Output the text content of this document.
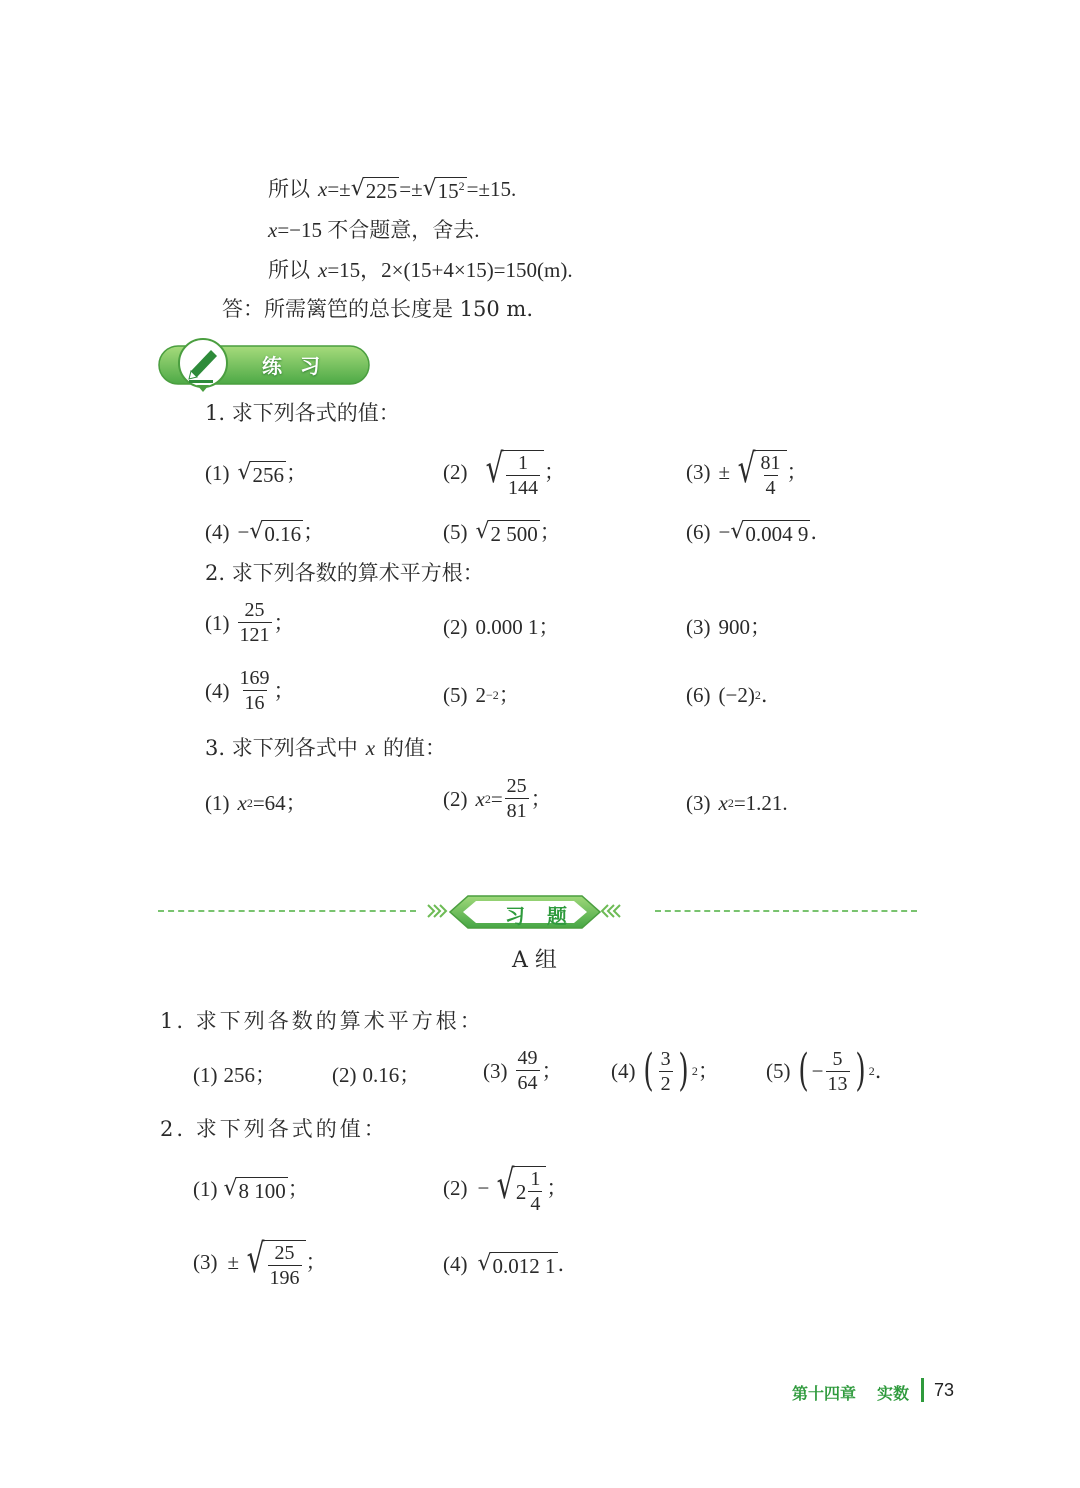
所以 x =± √ 225 =± √ $15^2 =\pm 15$.
x =−15 不合题意，舍去.
所以 x =15，2×(15+4×15)=150(m).
答：所需篱笆的总长度是 150 m.
练习
1. 求下列各式的值：
(1) √ 256 ；	(2) √ $\frac{1}{144}$ ；	(3) ± √ $\frac{81}{4}$ ；
(4) − √ 0.16 ；	(5) √ 2 500 ；	(6) − √ 0.004 9 .
2. 求下列各数的算术平方根：
$(1) \frac{25}{121}$ ；	(2) 0.000 1；	(3) 900；
$(4) \frac{169}{16}$ ；	(5) 2 −2 ；	(6) (−2) 2 .
3. 求下列各式中 x 的值：
(1) x 2 =64；	(2) x $2 = \frac{25}{81}$ ；	(3) x 2 =1.21.
习题
A 组
1. 求下列各数的算术平方根：
(1) 256；	(2) 0.16；	$(3) \frac{49}{64}$ ； (4) ( $\frac{3}{2}$ ) 2 ； (5) ( − $\frac{5}{13}$ ) 2 .
2. 求下列各式的值：
(1) √ 8 100 ；	(2) − √ $2 \frac{1}{4}$ ；
(3) ± √ $\frac{25}{196}$ ；	(4) √ 0.012 1 .
第十四章 实数 73
